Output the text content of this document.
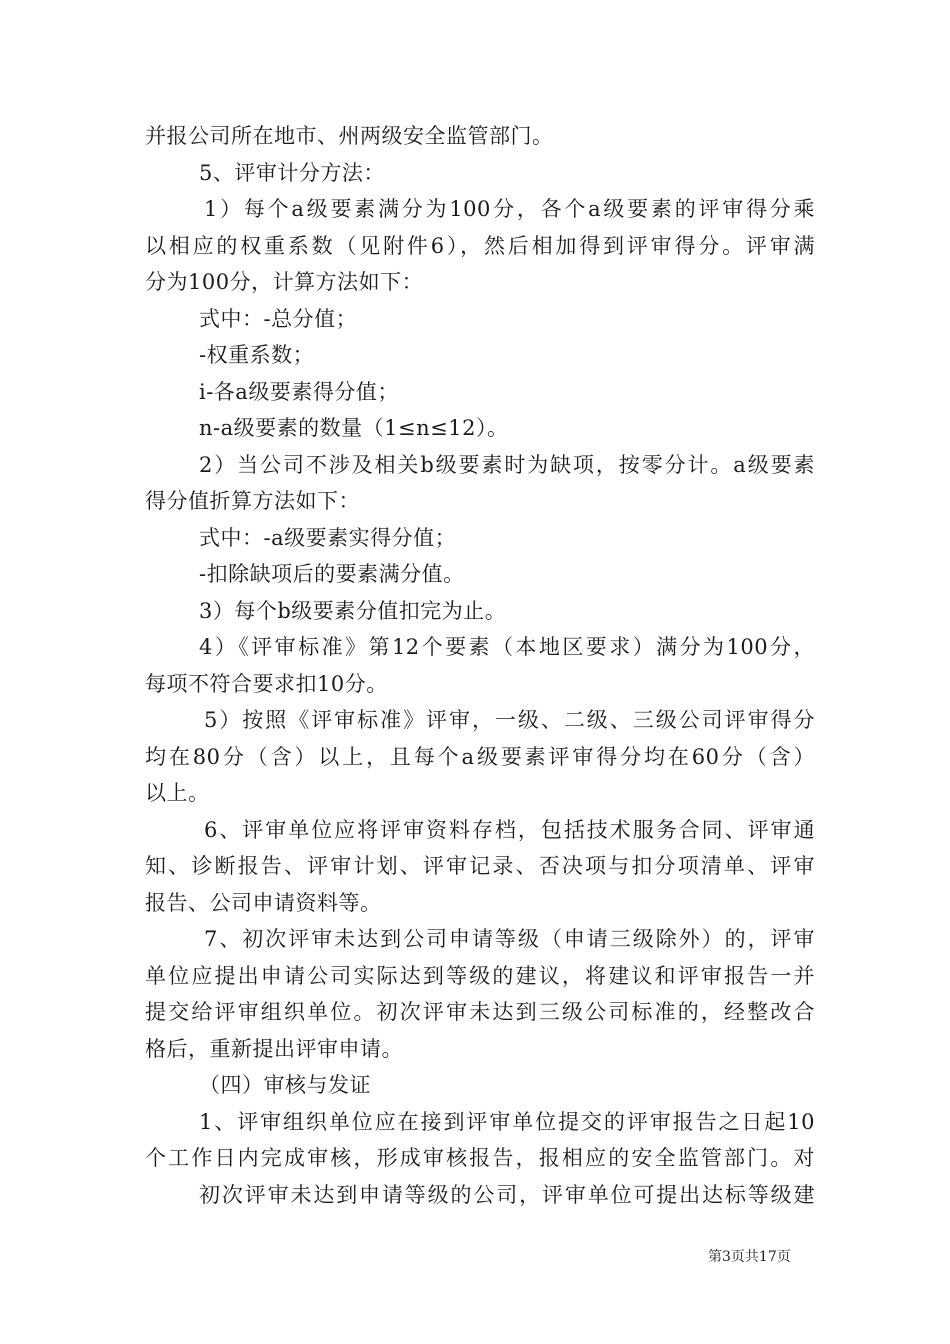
并报公司所在地市、州两级安全监管部门。
5、评审计分方法：
1）每个a级要素满分为100分，各个a级要素的评审得分乘
以相应的权重系数（见附件6），然后相加得到评审得分。评审满
分为100分，计算方法如下：
式中：-总分值；
-权重系数；
i-各a级要素得分值；
n-a级要素的数量（1≤n≤12）。
2）当公司不涉及相关b级要素时为缺项，按零分计。a级要素
得分值折算方法如下：
式中：-a级要素实得分值；
-扣除缺项后的要素满分值。
3）每个b级要素分值扣完为止。
4）《评审标准》第12个要素（本地区要求）满分为100分，
每项不符合要求扣10分。
5）按照《评审标准》评审，一级、二级、三级公司评审得分
均在80分（含）以上，且每个a级要素评审得分均在60分（含）
以上。
6、评审单位应将评审资料存档，包括技术服务合同、评审通
知、诊断报告、评审计划、评审记录、否决项与扣分项清单、评审
报告、公司申请资料等。
7、初次评审未达到公司申请等级（申请三级除外）的，评审
单位应提出申请公司实际达到等级的建议，将建议和评审报告一并
提交给评审组织单位。初次评审未达到三级公司标准的，经整改合
格后，重新提出评审申请。
（四）审核与发证
1、评审组织单位应在接到评审单位提交的评审报告之日起10
个工作日内完成审核，形成审核报告，报相应的安全监管部门。对
初次评审未达到申请等级的公司，评审单位可提出达标等级建
第3页共17页
